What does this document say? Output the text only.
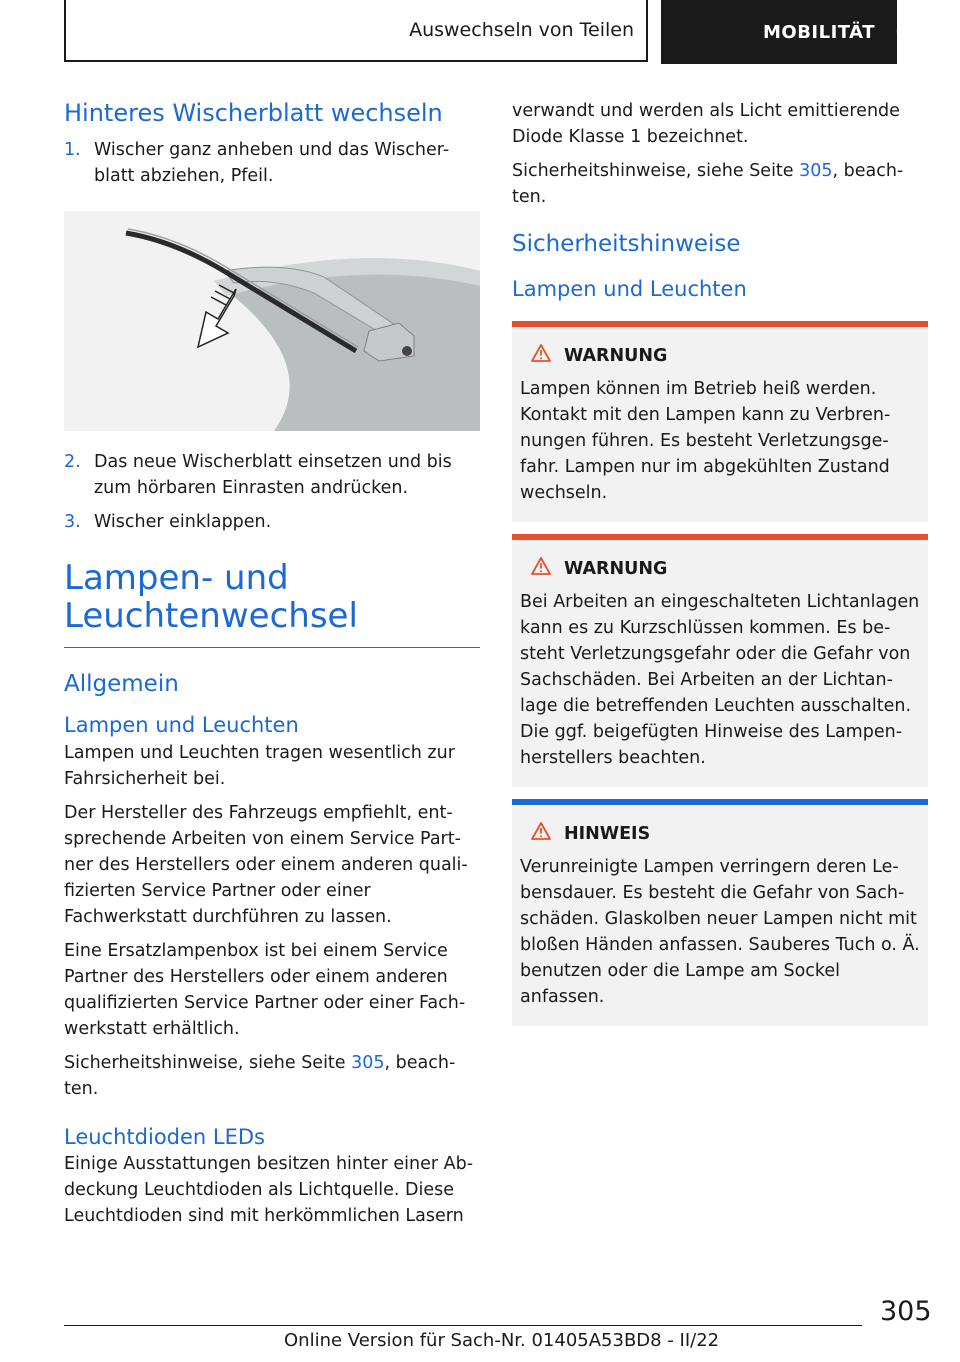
Auswechseln von Teilen	MOBILITÄT
Hinteres Wischerblatt wechseln
1. Wischer ganz anheben und das Wischer-blatt abziehen, Pfeil.
2. Das neue Wischerblatt einsetzen und bis zum hörbaren Einrasten andrücken.
3. Wischer einklappen.
Lampen- und
Leuchtenwechsel
Allgemein
Lampen und Leuchten

Lampen und Leuchten tragen wesentlich zur Fahrsicherheit bei.

Der Hersteller des Fahrzeugs empfiehlt, ent-sprechende Arbeiten von einem Service Part-ner des Herstellers oder einem anderen quali-fizierten Service Partner oder einer Fachwerkstatt durchführen zu lassen.

Eine Ersatzlampenbox ist bei einem Service Partner des Herstellers oder einem anderen qualifizierten Service Partner oder einer Fach-werkstatt erhältlich.

Sicherheitshinweise, siehe Seite 305, beach-ten.

Leuchtdioden LEDs

Einige Ausstattungen besitzen hinter einer Ab-deckung Leuchtdioden als Lichtquelle. Diese Leuchtdioden sind mit herkömmlichen Lasern

verwandt und werden als Licht emittierende Diode Klasse 1 bezeichnet.

Sicherheitshinweise, siehe Seite 305, beach-ten.

Sicherheitshinweise
Lampen und Leuchten
WARNUNG

Lampen können im Betrieb heiß werden. Kontakt mit den Lampen kann zu Verbren-nungen führen. Es besteht Verletzungsge-fahr. Lampen nur im abgekühlten Zustand wechseln.

WARNUNG

Bei Arbeiten an eingeschalteten Lichtanlagen kann es zu Kurzschlüssen kommen. Es be-steht Verletzungsgefahr oder die Gefahr von Sachschäden. Bei Arbeiten an der Lichtan-lage die betreffenden Leuchten ausschalten. Die ggf. beigefügten Hinweise des Lampen-herstellers beachten.

HINWEIS

Verunreinigte Lampen verringern deren Le-bensdauer. Es besteht die Gefahr von Sach-schäden. Glaskolben neuer Lampen nicht mit bloßen Händen anfassen. Sauberes Tuch o. Ä. benutzen oder die Lampe am Sockel anfassen.

305
Online Version für Sach-Nr. 01405A53BD8 - II/22
